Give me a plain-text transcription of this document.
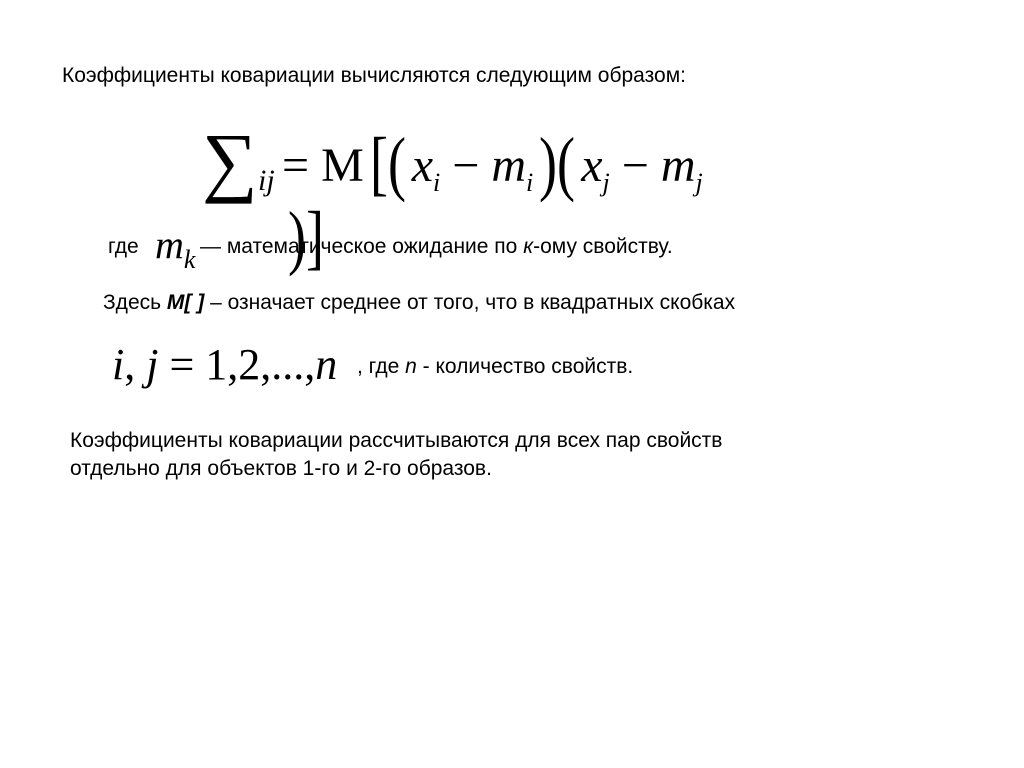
Коэффициенты ковариации вычисляются следующим образом:
∑ ij = M[( $x_i - m_i$)( $x_j - m_j$)]
где $m_k$ — математическое ожидание по к-ому свойству.
Здесь M[ ] – означает среднее от того, что в квадратных скобках
i, j = 1,2,...,n , где n - количество свойств.
Коэффициенты ковариации рассчитываются для всех пар свойств
отдельно для объектов 1-го и 2-го образов.
